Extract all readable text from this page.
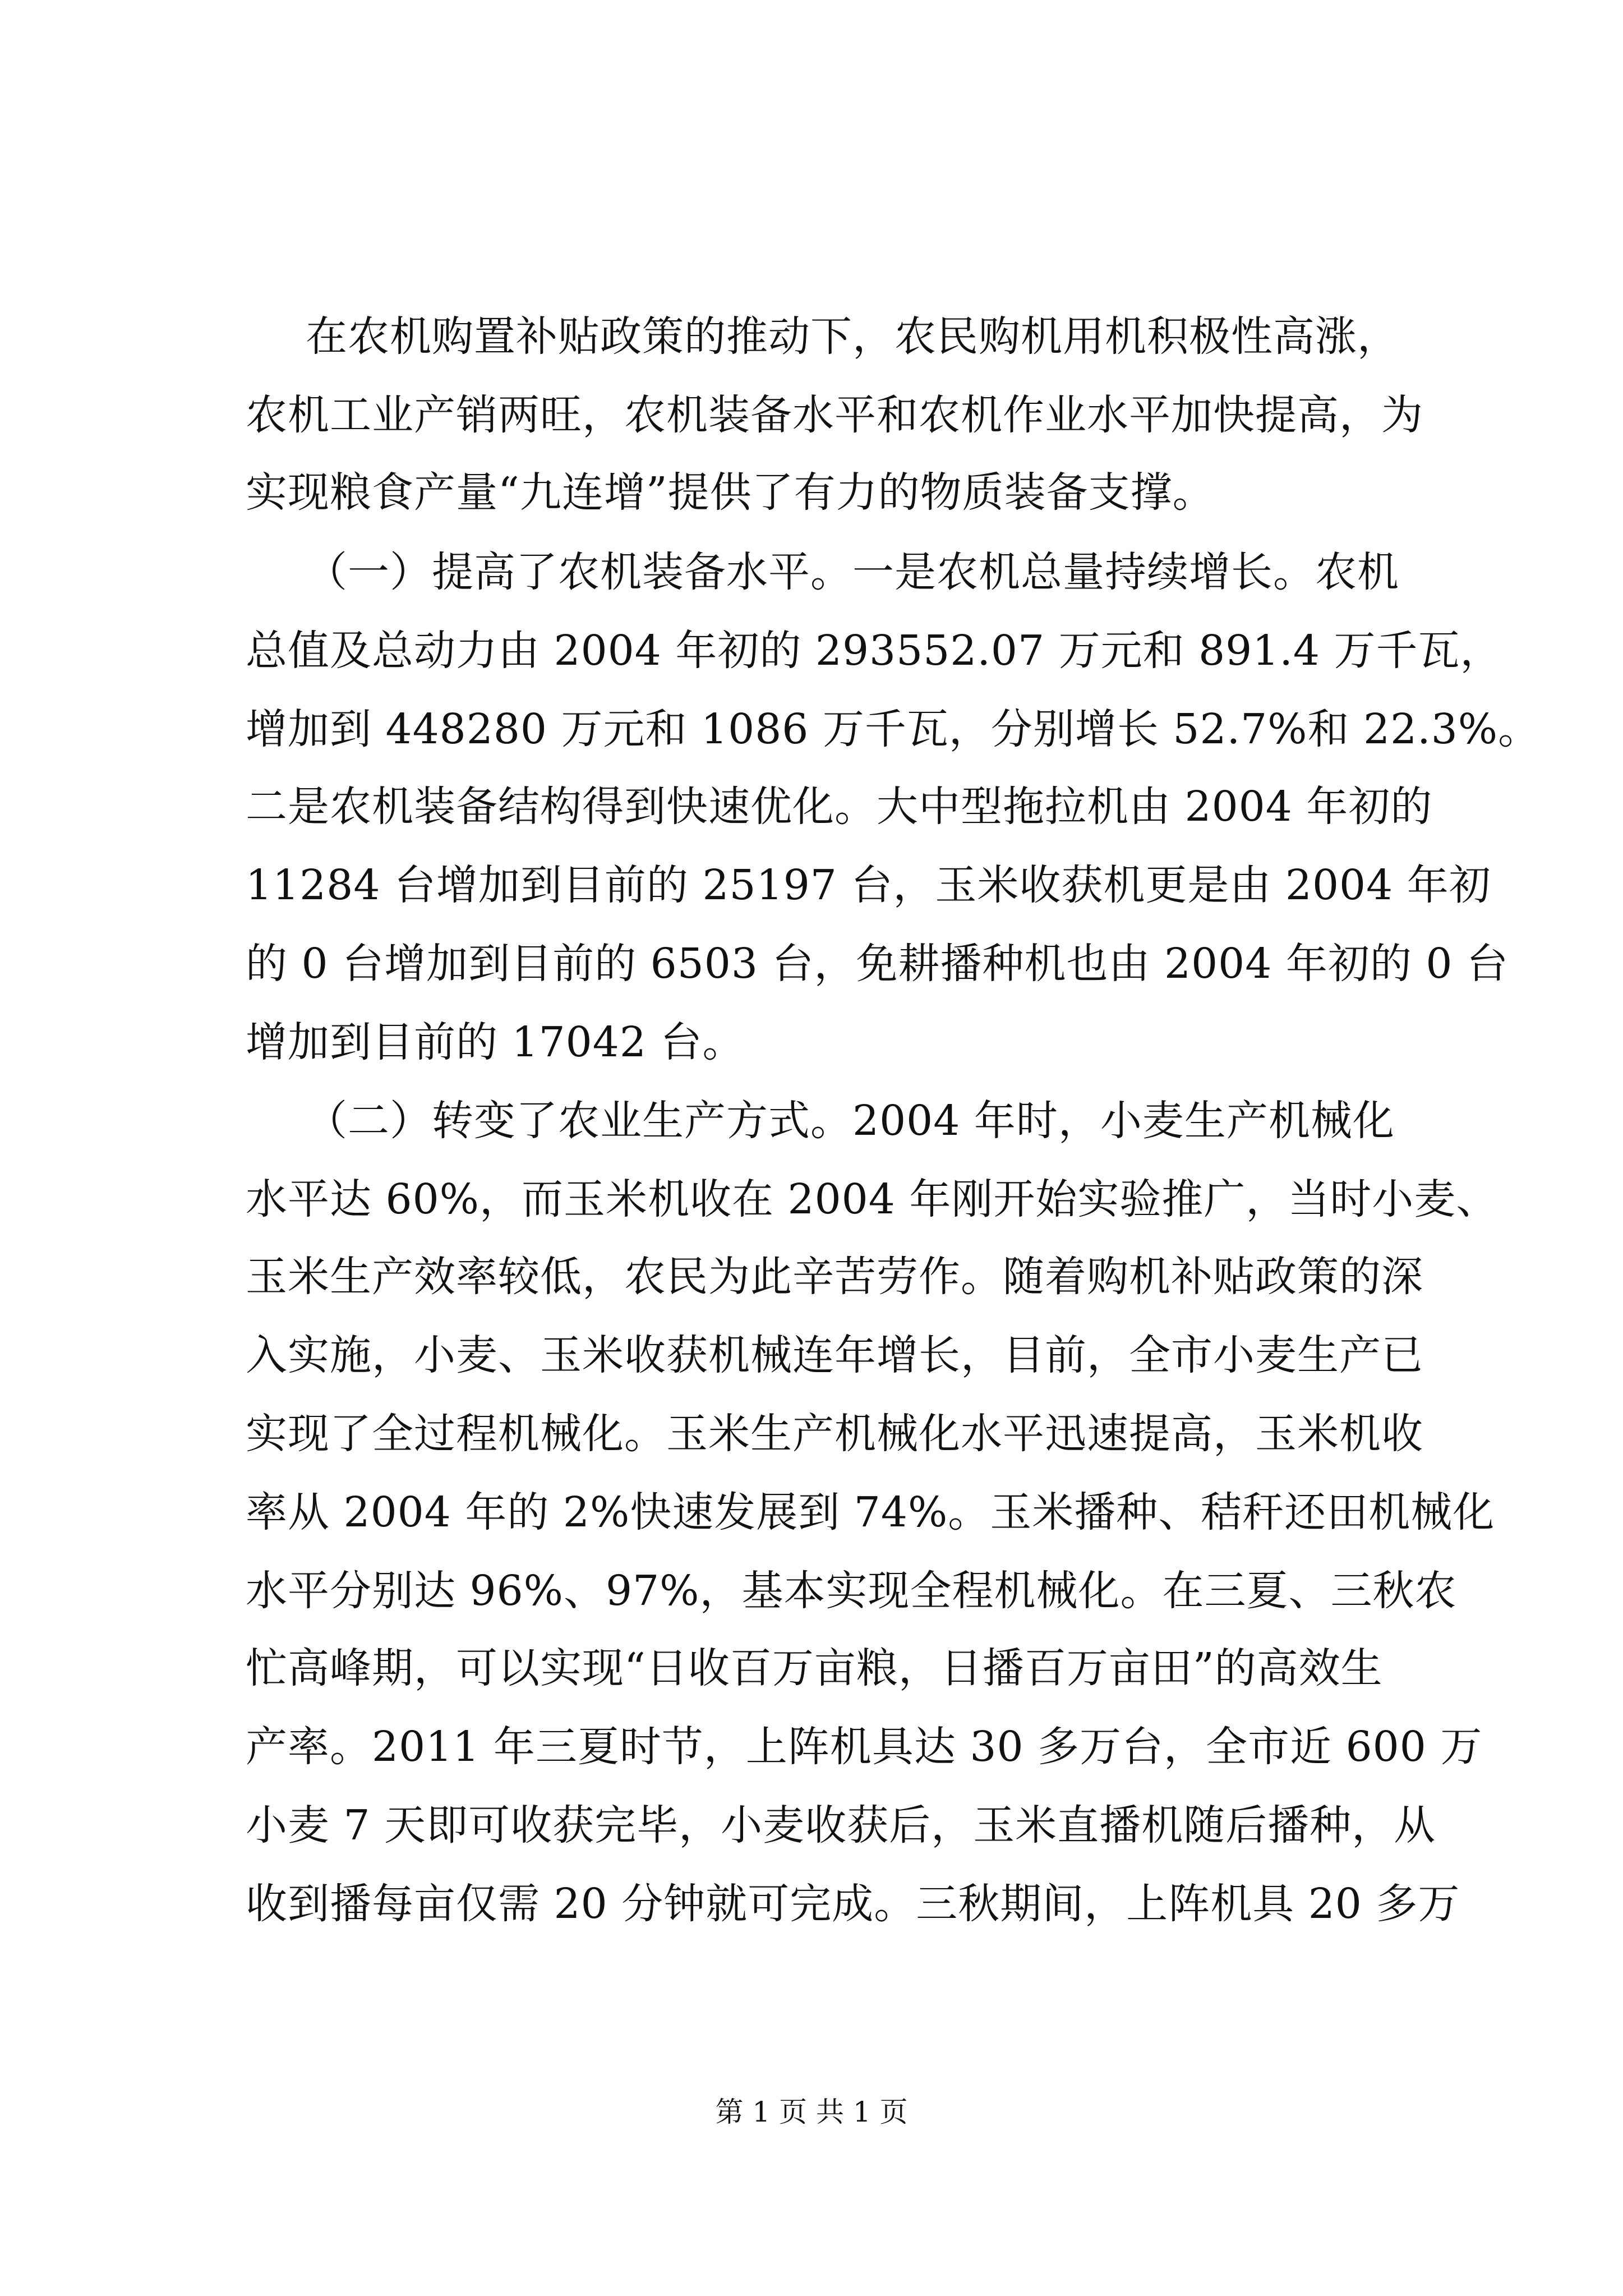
在农机购置补贴政策的推动下，农民购机用机积极性高涨，
农机工业产销两旺，农机装备水平和农机作业水平加快提高，为
实现粮食产量“九连增”提供了有力的物质装备支撑。
（一）提高了农机装备水平。一是农机总量持续增长。农机
总值及总动力由 2004 年初的 293552.07 万元和 891.4 万千瓦，
增加到 448280 万元和 1086 万千瓦，分别增长 52.7%和 22.3%。
二是农机装备结构得到快速优化。大中型拖拉机由 2004 年初的
11284 台增加到目前的 25197 台，玉米收获机更是由 2004 年初
的 0 台增加到目前的 6503 台，免耕播种机也由 2004 年初的 0 台
增加到目前的 17042 台。
（二）转变了农业生产方式。2004 年时，小麦生产机械化
水平达 60%，而玉米机收在 2004 年刚开始实验推广，当时小麦、
玉米生产效率较低，农民为此辛苦劳作。随着购机补贴政策的深
入实施，小麦、玉米收获机械连年增长，目前，全市小麦生产已
实现了全过程机械化。玉米生产机械化水平迅速提高，玉米机收
率从 2004 年的 2%快速发展到 74%。玉米播种、秸秆还田机械化
水平分别达 96%、97%，基本实现全程机械化。在三夏、三秋农
忙高峰期，可以实现“日收百万亩粮，日播百万亩田”的高效生
产率。2011 年三夏时节，上阵机具达 30 多万台，全市近 600 万
小麦 7 天即可收获完毕，小麦收获后，玉米直播机随后播种，从
收到播每亩仅需 20 分钟就可完成。三秋期间，上阵机具 20 多万
第 1 页 共 1 页
